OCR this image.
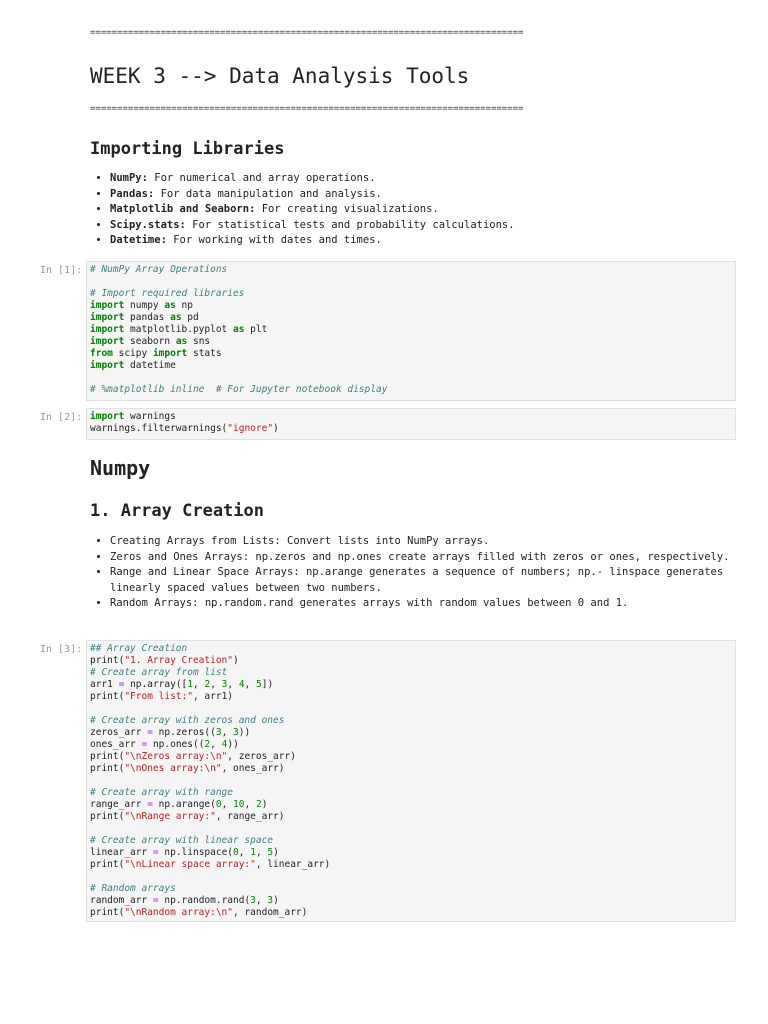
================================================================================
WEEK 3 --> Data Analysis Tools
================================================================================
Importing Libraries
• NumPy: For numerical and array operations.
• Pandas: For data manipulation and analysis.
• Matplotlib and Seaborn: For creating visualizations.
• Scipy.stats: For statistical tests and probability calculations.
• Datetime: For working with dates and times.
In [1]: # NumPy Array Operations

# Import required libraries
import numpy as np
import pandas as pd
import matplotlib.pyplot as plt
import seaborn as sns
from scipy import stats
import datetime

# %matplotlib inline  # For Jupyter notebook display
In [2]: import warnings
warnings.filterwarnings("ignore")
Numpy
1. Array Creation
• Creating Arrays from Lists: Convert lists into NumPy arrays.
• Zeros and Ones Arrays: np.zeros and np.ones create arrays filled with zeros or ones, respectively.
• Range and Linear Space Arrays: np.arange generates a sequence of numbers; np.- linspace generates linearly spaced values between two numbers.
• Random Arrays: np.random.rand generates arrays with random values between 0 and 1.
In [3]: ## Array Creation
print("1. Array Creation")
# Create array from list
arr1 = np.array([1, 2, 3, 4, 5])
print("From list:", arr1)

# Create array with zeros and ones
zeros_arr = np.zeros((3, 3))
ones_arr = np.ones((2, 4))
print("\nZeros array:\n", zeros_arr)
print("\nOnes array:\n", ones_arr)

# Create array with range
range_arr = np.arange(0, 10, 2)
print("\nRange array:", range_arr)

# Create array with linear space
linear_arr = np.linspace(0, 1, 5)
print("\nLinear space array:", linear_arr)

# Random arrays
random_arr = np.random.rand(3, 3)
print("\nRandom array:\n", random_arr)
